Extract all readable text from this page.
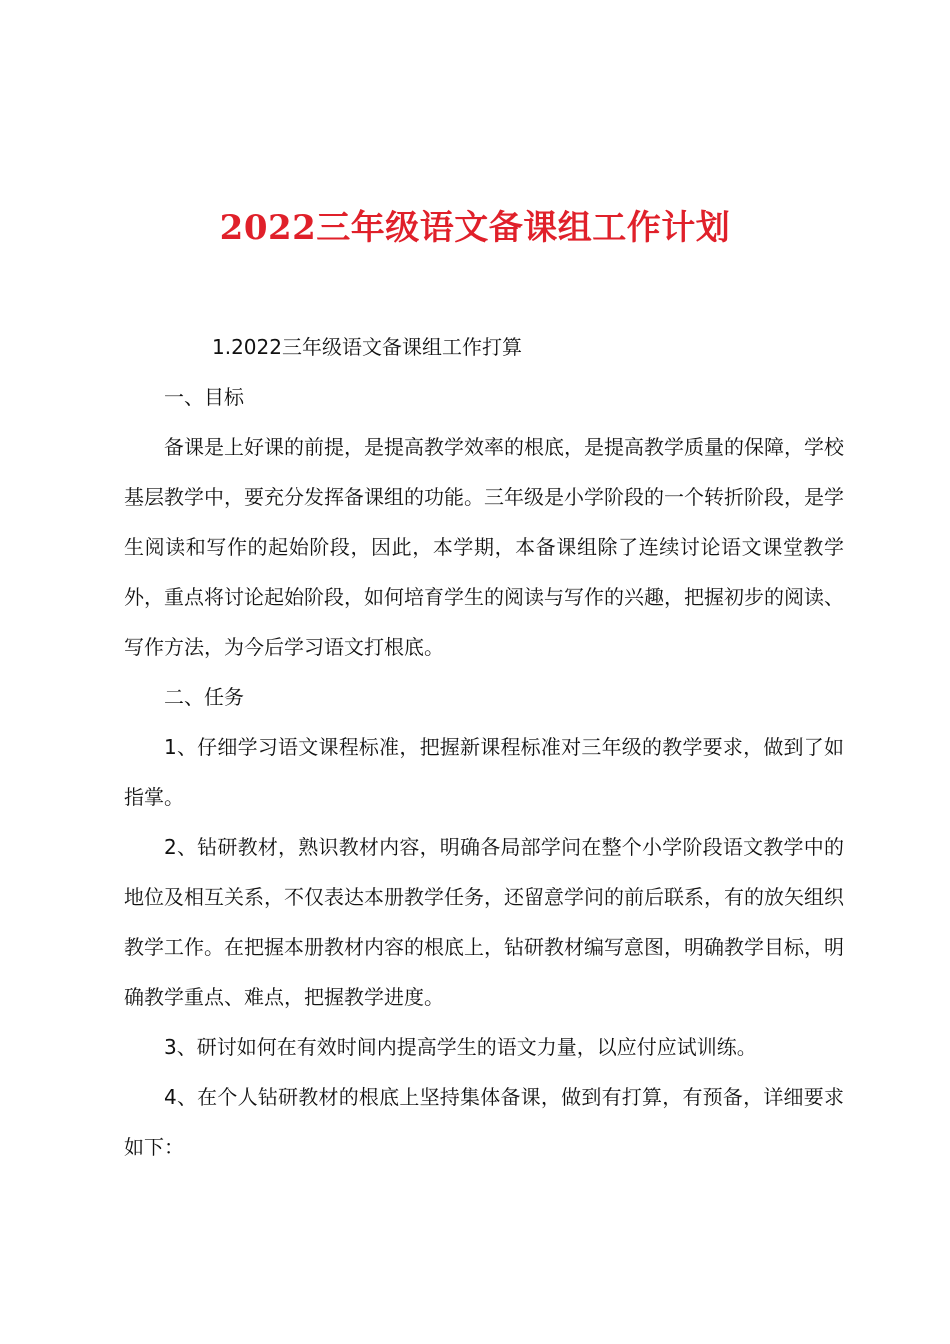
2022三年级语文备课组工作计划

1.2022三年级语文备课组工作打算

一、目标

备课是上好课的前提，是提高教学效率的根底，是提高教学质量的保障，学校基层教学中，要充分发挥备课组的功能。三年级是小学阶段的一个转折阶段，是学生阅读和写作的起始阶段，因此，本学期，本备课组除了连续讨论语文课堂教学外，重点将讨论起始阶段，如何培育学生的阅读与写作的兴趣，把握初步的阅读、写作方法，为今后学习语文打根底。

二、任务

1、仔细学习语文课程标准，把握新课程标准对三年级的教学要求，做到了如指掌。

2、钻研教材，熟识教材内容，明确各局部学问在整个小学阶段语文教学中的地位及相互关系，不仅表达本册教学任务，还留意学问的前后联系，有的放矢组织教学工作。在把握本册教材内容的根底上，钻研教材编写意图，明确教学目标，明确教学重点、难点，把握教学进度。

3、研讨如何在有效时间内提高学生的语文力量，以应付应试训练。

4、在个人钻研教材的根底上坚持集体备课，做到有打算，有预备，详细要求如下：
